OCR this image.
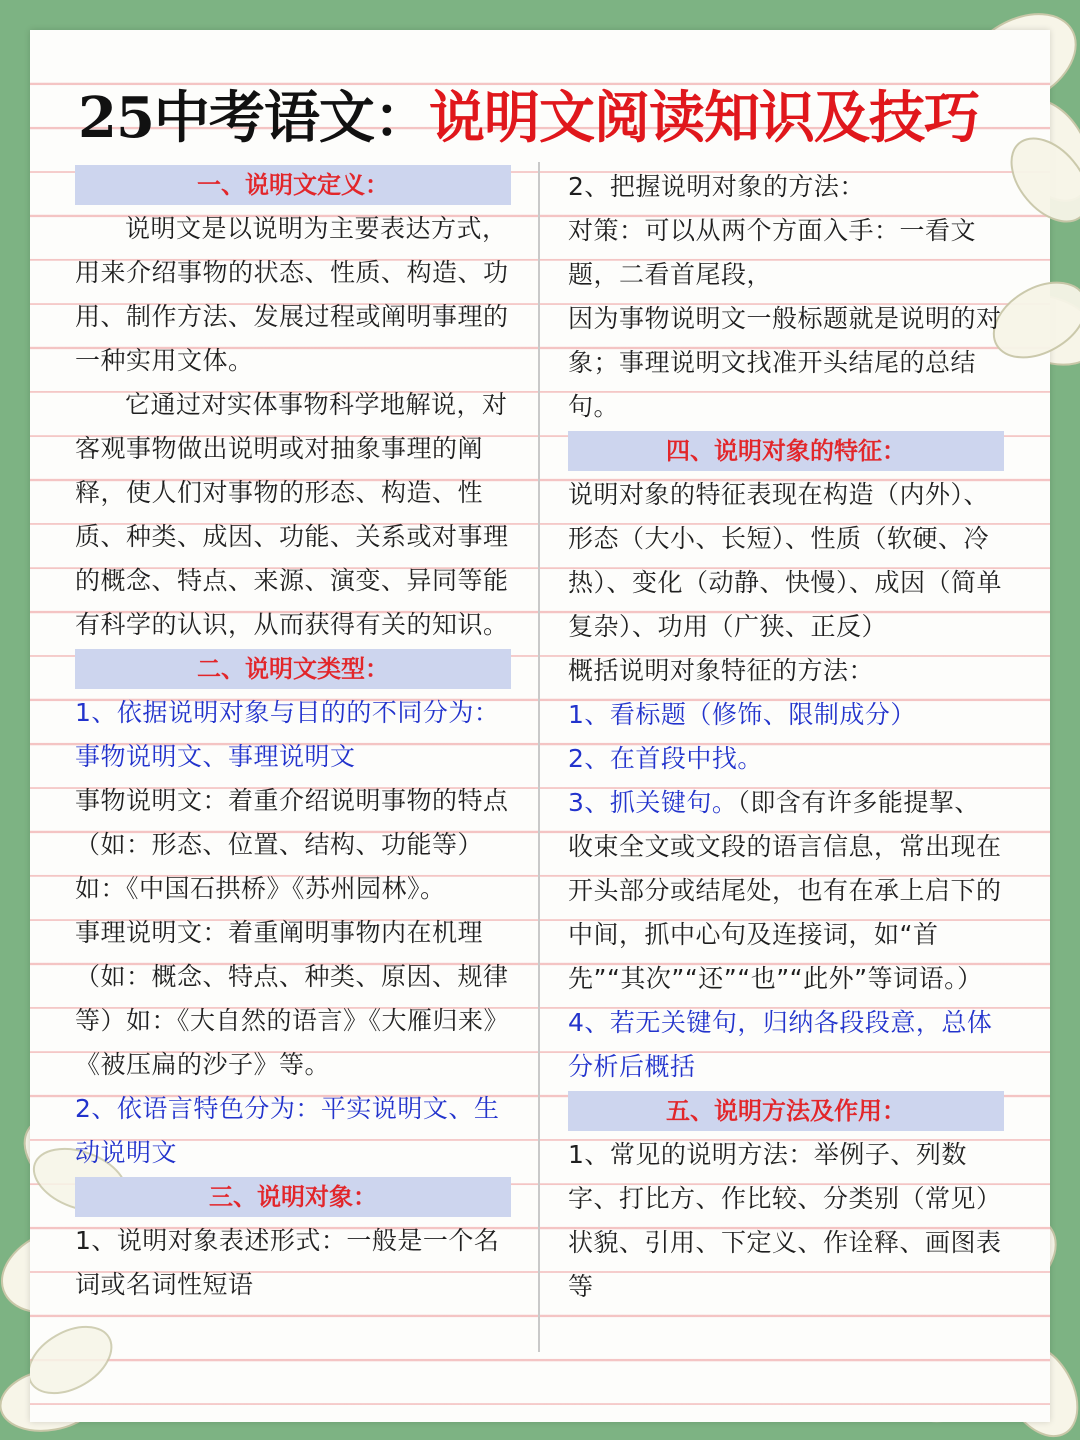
25中考语文：说明文阅读知识及技巧
一、说明文定义：

说明文是以说明为主要表达方式，用来介绍事物的状态、性质、构造、功用、制作方法、发展过程或阐明事理的一种实用文体。

它通过对实体事物科学地解说，对客观事物做出说明或对抽象事理的阐释，使人们对事物的形态、构造、性质、种类、成因、功能、关系或对事理的概念、特点、来源、演变、异同等能有科学的认识，从而获得有关的知识。

二、说明文类型：

1、依据说明对象与目的的不同分为：事物说明文、事理说明文

事物说明文：着重介绍说明事物的特点（如：形态、位置、结构、功能等）如：《中国石拱桥》《苏州园林》。

事理说明文：着重阐明事物内在机理（如：概念、特点、种类、原因、规律等）如：《大自然的语言》《大雁归来》《被压扁的沙子》等。

2、依语言特色分为：平实说明文、生动说明文

三、说明对象：

1、说明对象表述形式：一般是一个名词或名词性短语

2、把握说明对象的方法：

对策：可以从两个方面入手：一看文题，二看首尾段，

因为事物说明文一般标题就是说明的对象；事理说明文找准开头结尾的总结句。

四、说明对象的特征：

说明对象的特征表现在构造（内外）、形态（大小、长短）、性质（软硬、冷热）、变化（动静、快慢）、成因（简单复杂）、功用（广狭、正反）

概括说明对象特征的方法：

1、看标题（修饰、限制成分）

2、在首段中找。

3、抓关键句。（即含有许多能提挈、收束全文或文段的语言信息，常出现在开头部分或结尾处，也有在承上启下的中间，抓中心句及连接词，如“首先”“其次”“还”“也”“此外”等词语。）

4、若无关键句，归纳各段段意，总体分析后概括

五、说明方法及作用：

1、常见的说明方法：举例子、列数字、打比方、作比较、分类别（常见）状貌、引用、下定义、作诠释、画图表等
